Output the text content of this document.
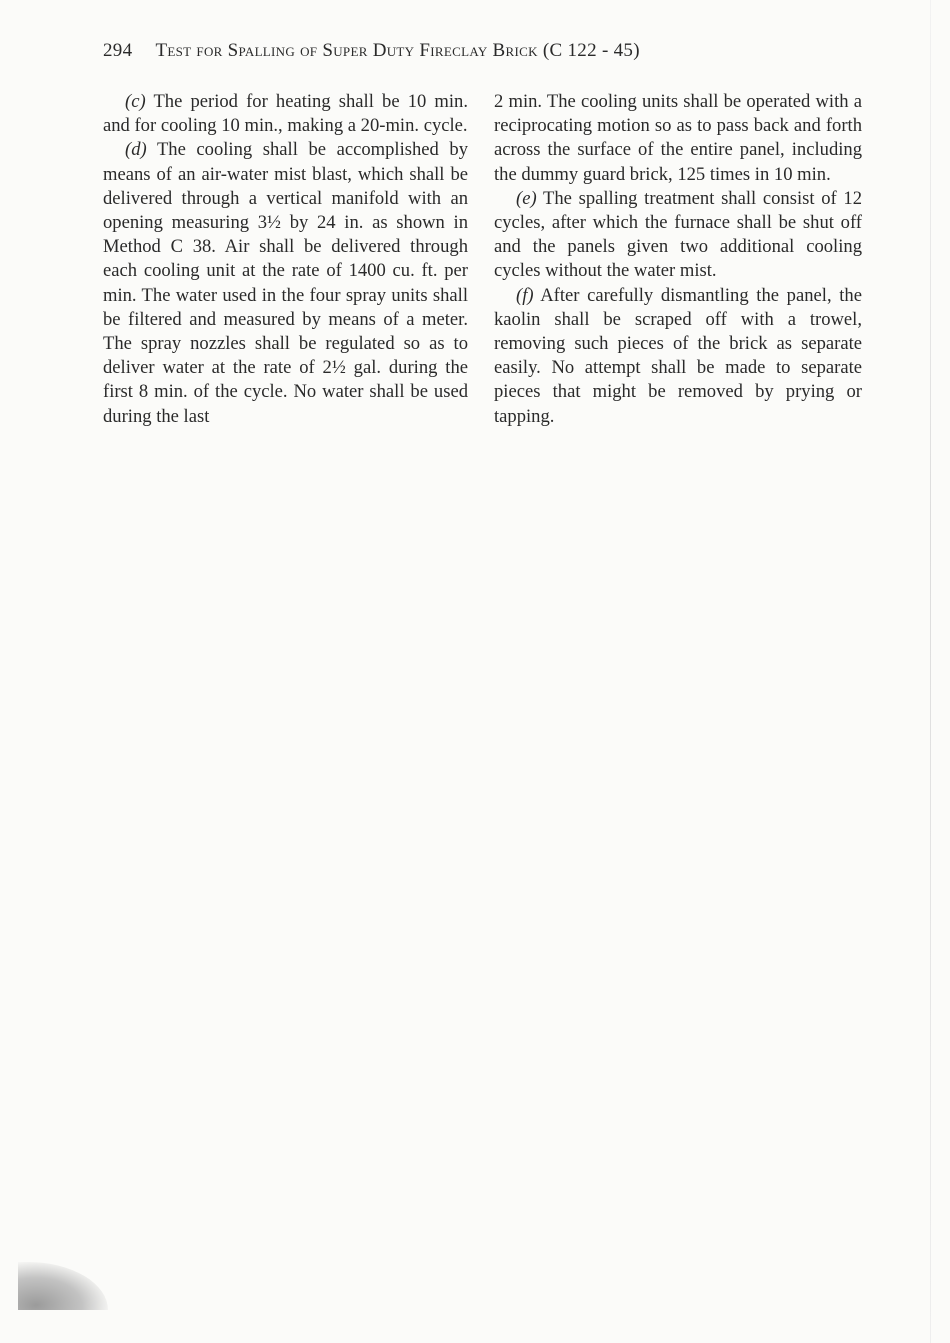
294 Test for Spalling of Super Duty Fireclay Brick (C 122 - 45)

(c) The period for heating shall be 10 min. and for cooling 10 min., making a 20-min. cycle.

(d) The cooling shall be accomplished by means of an air-water mist blast, which shall be delivered through a vertical manifold with an opening measuring 3½ by 24 in. as shown in Method C 38. Air shall be delivered through each cooling unit at the rate of 1400 cu. ft. per min. The water used in the four spray units shall be filtered and measured by means of a meter. The spray nozzles shall be regulated so as to deliver water at the rate of 2½ gal. during the first 8 min. of the cycle. No water shall be used during the last

2 min. The cooling units shall be operated with a reciprocating motion so as to pass back and forth across the surface of the entire panel, including the dummy guard brick, 125 times in 10 min.

(e) The spalling treatment shall consist of 12 cycles, after which the furnace shall be shut off and the panels given two additional cooling cycles without the water mist.

(f) After carefully dismantling the panel, the kaolin shall be scraped off with a trowel, removing such pieces of the brick as separate easily. No attempt shall be made to separate pieces that might be removed by prying or tapping.
